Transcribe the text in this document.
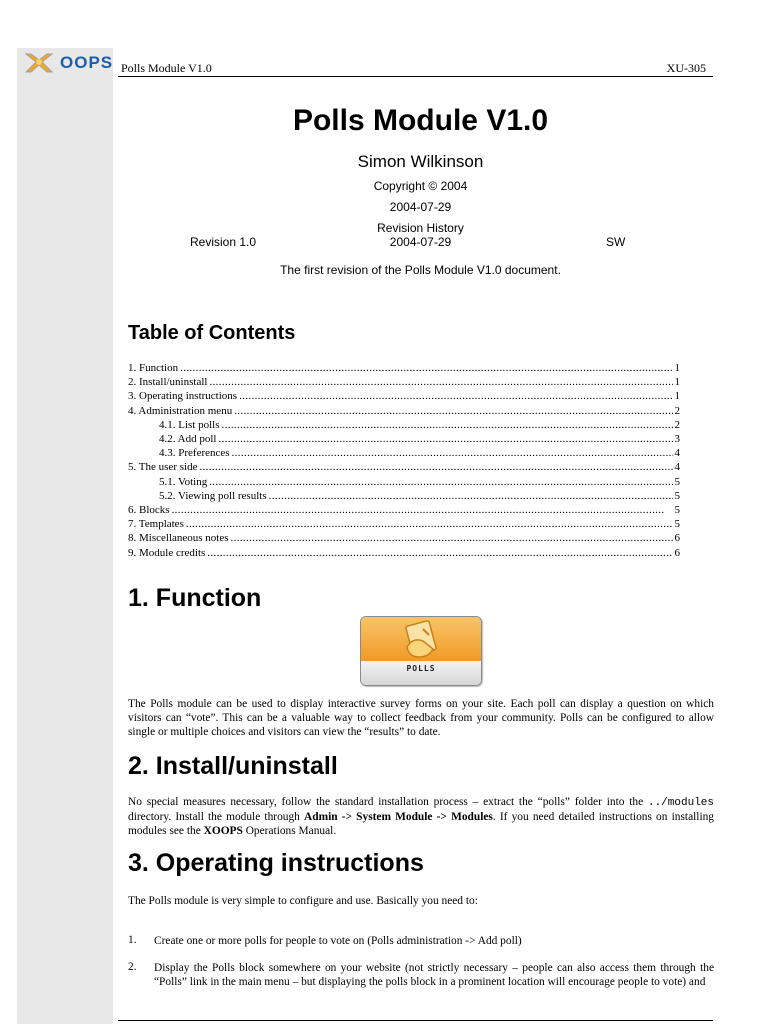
OOPS Polls Module V1.0	XU-305
Polls Module V1.0
Simon Wilkinson
Copyright © 2004
2004-07-29
Revision History
Revision 1.0	2004-07-29	SW
The first revision of the Polls Module V1.0 document.
Table of Contents
1. Function . . .	1
2. Install/uninstall . . .	1
3. Operating instructions . . .	1
4. Administration menu . . .	2
4.1. List polls . . .	2
4.2. Add poll . . .	3
4.3. Preferences . . .	4
5. The user side . . .	4
5.1. Voting . . .	5
5.2. Viewing poll results . . .	5
6. Blocks . . .	5
7. Templates . . .	5
8. Miscellaneous notes . . .	6
9. Module credits . . .	6
1. Function
POLLS
The Polls module can be used to display interactive survey forms on your site. Each poll can display a question on which visitors can “vote”. This can be a valuable way to collect feedback from your community. Polls can be configured to allow single or multiple choices and visitors can view the “results” to date.
2. Install/uninstall
No special measures necessary, follow the standard installation process – extract the “polls” folder into the ../modules directory. Install the module through Admin -> System Module -> Modules. If you need detailed instructions on installing modules see the XOOPS Operations Manual.
3. Operating instructions
The Polls module is very simple to configure and use. Basically you need to:
1. Create one or more polls for people to vote on (Polls administration -> Add poll)
2. Display the Polls block somewhere on your website (not strictly necessary – people can also access them through the “Polls” link in the main menu – but displaying the polls block in a prominent location will encourage people to vote) and
